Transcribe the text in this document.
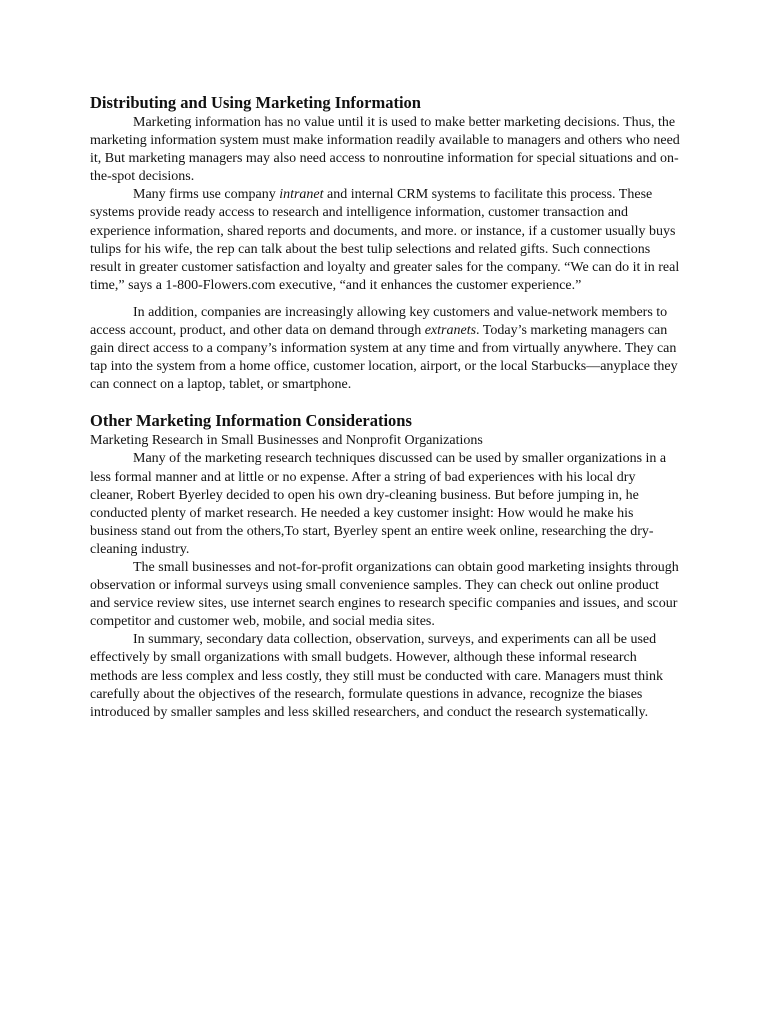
Distributing and Using Marketing Information

Marketing information has no value until it is used to make better marketing decisions. Thus, the marketing information system must make information readily available to managers and others who need it, But marketing managers may also need access to nonroutine information for special situations and on-the-spot decisions.

Many firms use company intranet and internal CRM systems to facilitate this process. These systems provide ready access to research and intelligence information, customer transaction and experience information, shared reports and documents, and more. or instance, if a customer usually buys tulips for his wife, the rep can talk about the best tulip selections and related gifts. Such connections result in greater customer satisfaction and loyalty and greater sales for the company. “We can do it in real time,” says a 1-800-Flowers.com executive, “and it enhances the customer experience.”

In addition, companies are increasingly allowing key customers and value-network members to access account, product, and other data on demand through extranets. Today’s marketing managers can gain direct access to a company’s information system at any time and from virtually anywhere. They can tap into the system from a home office, customer location, airport, or the local Starbucks—anyplace they can connect on a laptop, tablet, or smartphone.

Other Marketing Information Considerations

Marketing Research in Small Businesses and Nonprofit Organizations

Many of the marketing research techniques discussed can be used by smaller organizations in a less formal manner and at little or no expense. After a string of bad experiences with his local dry cleaner, Robert Byerley decided to open his own dry-cleaning business. But before jumping in, he conducted plenty of market research. He needed a key customer insight: How would he make his business stand out from the others,To start, Byerley spent an entire week online, researching the dry-cleaning industry.

The small businesses and not-for-profit organizations can obtain good marketing insights through observation or informal surveys using small convenience samples. They can check out online product and service review sites, use internet search engines to research specific companies and issues, and scour competitor and customer web, mobile, and social media sites.

In summary, secondary data collection, observation, surveys, and experiments can all be used effectively by small organizations with small budgets. However, although these informal research methods are less complex and less costly, they still must be conducted with care. Managers must think carefully about the objectives of the research, formulate questions in advance, recognize the biases introduced by smaller samples and less skilled researchers, and conduct the research systematically.
